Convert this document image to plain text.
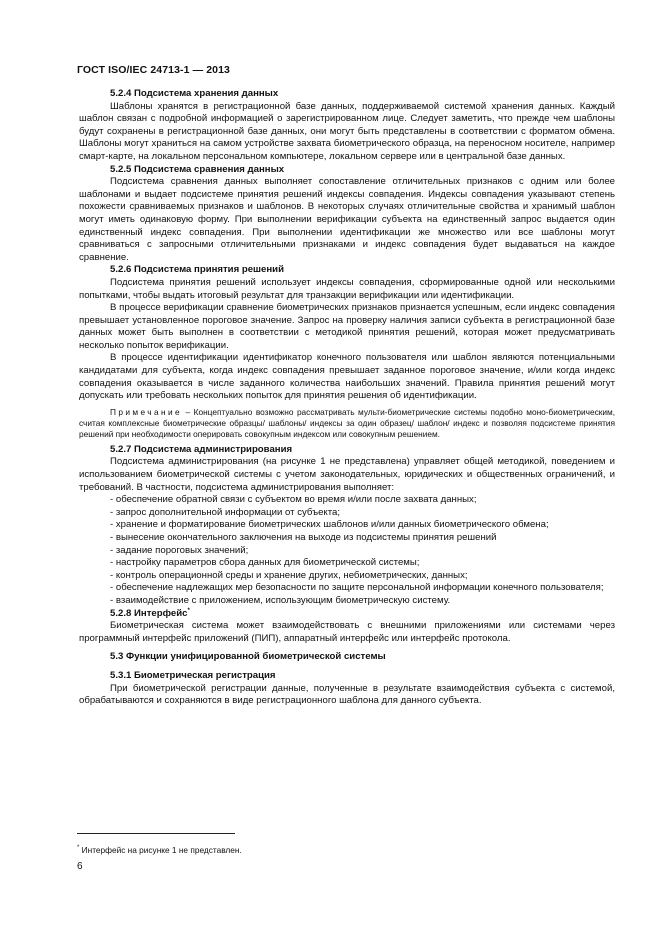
ГОСТ ISO/IEC 24713-1 — 2013
5.2.4 Подсистема хранения данных

Шаблоны хранятся в регистрационной базе данных, поддерживаемой системой хранения данных. Каждый шаблон связан с подробной информацией о зарегистрированном лице. Следует заметить, что прежде чем шаблоны будут сохранены в регистрационной базе данных, они могут быть представлены в соответствии с форматом обмена. Шаблоны могут храниться на самом устройстве захвата биометрического образца, на переносном носителе, например смарт-карте, на локальном персональном компьютере, локальном сервере или в центральной базе данных.

5.2.5 Подсистема сравнения данных

Подсистема сравнения данных выполняет сопоставление отличительных признаков с одним или более шаблонами и выдает подсистеме принятия решений индексы совпадения. Индексы совпадения указывают степень похожести сравниваемых признаков и шаблонов. В некоторых случаях отличительные свойства и хранимый шаблон могут иметь одинаковую форму. При выполнении верификации субъекта на единственный запрос выдается один единственный индекс совпадения. При выполнении идентификации же множество или все шаблоны могут сравниваться с запросными отличительными признаками и индекс совпадения будет выдаваться на каждое сравнение.

5.2.6 Подсистема принятия решений

Подсистема принятия решений использует индексы совпадения, сформированные одной или несколькими попытками, чтобы выдать итоговый результат для транзакции верификации или идентификации.

В процессе верификации сравнение биометрических признаков признается успешным, если индекс совпадения превышает установленное пороговое значение. Запрос на проверку наличия записи субъекта в регистрационной базе данных может быть выполнен в соответствии с методикой принятия решений, которая может предусматривать несколько попыток верификации.

В процессе идентификации идентификатор конечного пользователя или шаблон являются потенциальными кандидатами для субъекта, когда индекс совпадения превышает заданное пороговое значение, и/или когда индекс совпадения оказывается в числе заданного количества наибольших значений. Правила принятия решений могут допускать или требовать нескольких попыток для принятия решения об идентификации.

Примечание – Концептуально возможно рассматривать мульти-биометрические системы подобно моно-биометрическим, считая комплексные биометрические образцы/ шаблоны/ индексы за один образец/ шаблон/ индекс и позволяя подсистеме принятия решений при необходимости оперировать совокупным индексом или совокупным решением.

5.2.7 Подсистема администрирования

Подсистема администрирования (на рисунке 1 не представлена) управляет общей методикой, поведением и использованием биометрической системы с учетом законодательных, юридических и общественных ограничений, и требований. В частности, подсистема администрирования выполняет:

- обеспечение обратной связи с субъектом во время и/или после захвата данных;

- запрос дополнительной информации от субъекта;

- хранение и форматирование биометрических шаблонов и/или данных биометрического обмена;

- вынесение окончательного заключения на выходе из подсистемы принятия решений

- задание пороговых значений;

- настройку параметров сбора данных для биометрической системы;

- контроль операционной среды и хранение других, небиометрических, данных;

- обеспечение надлежащих мер безопасности по защите персональной информации конечного пользователя;

- взаимодействие с приложением, использующим биометрическую систему.

5.2.8 Интерфейс*

Биометрическая система может взаимодействовать с внешними приложениями или системами через программный интерфейс приложений (ПИП), аппаратный интерфейс или интерфейс протокола.

5.3 Функции унифицированной биометрической системы
5.3.1 Биометрическая регистрация

При биометрической регистрации данные, полученные в результате взаимодействия субъекта с системой, обрабатываются и сохраняются в виде регистрационного шаблона для данного субъекта.

* Интерфейс на рисунке 1 не представлен.
6
